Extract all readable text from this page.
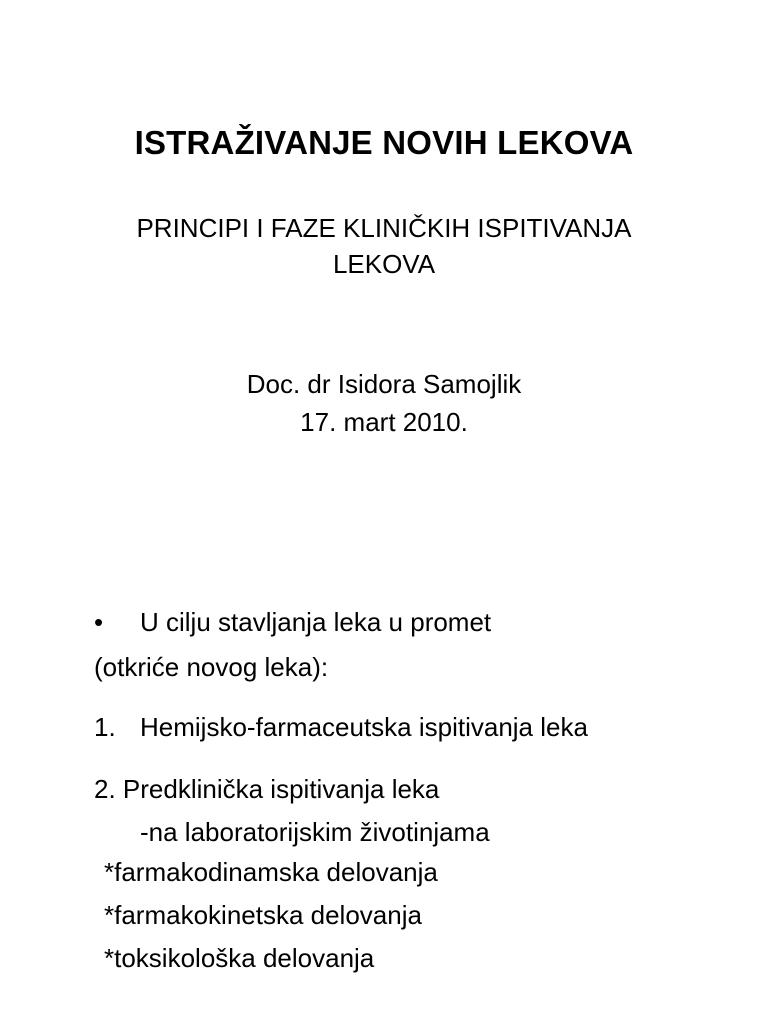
ISTRAŽIVANJE NOVIH LEKOVA
PRINCIPI I FAZE KLINIČKIH ISPITIVANJA
LEKOVA
Doc. dr Isidora Samojlik
17. mart 2010.
• U cilju stavljanja leka u promet
(otkriće novog leka):
1. Hemijsko-farmaceutska ispitivanja leka
2. Predklinička ispitivanja leka
-na laboratorijskim životinjama
*farmakodinamska delovanja
*farmakokinetska delovanja
*toksikološka delovanja
